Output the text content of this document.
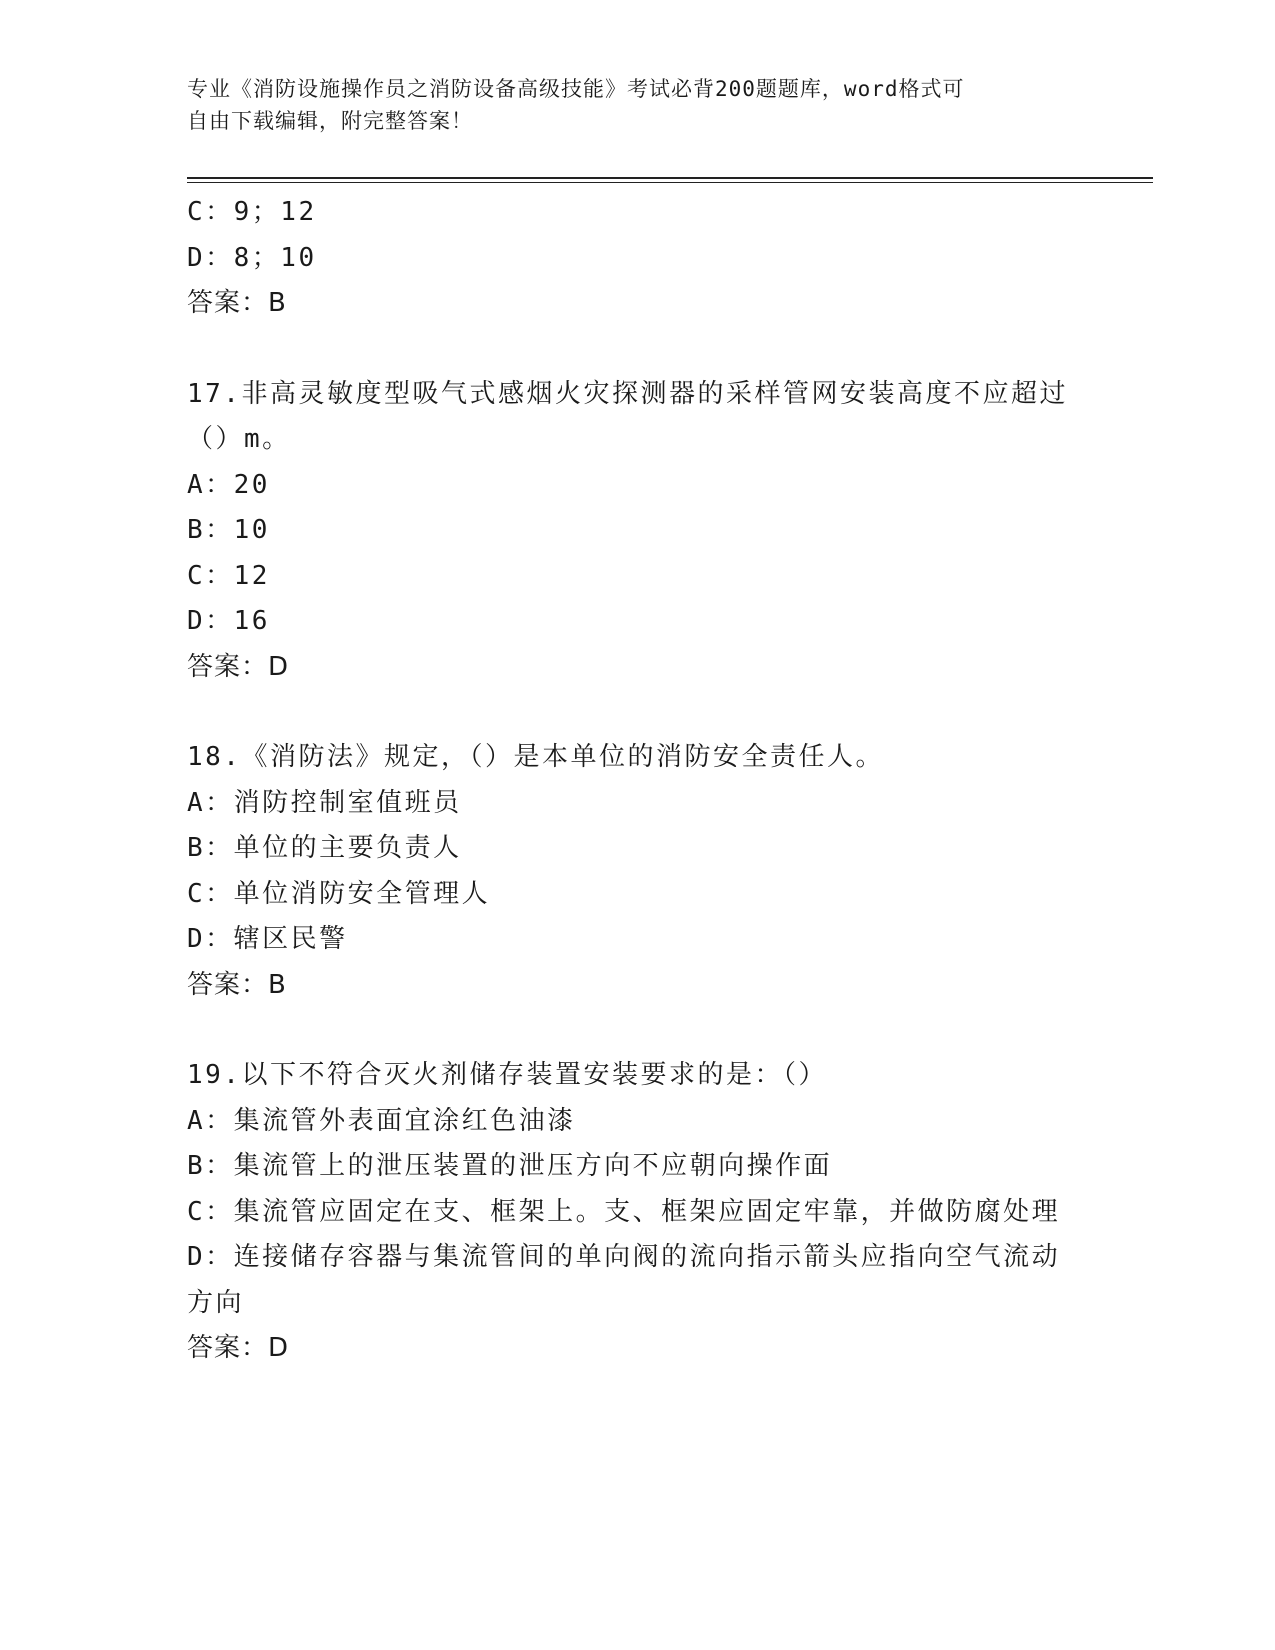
专业《消防设施操作员之消防设备高级技能》考试必背200题题库，word格式可
自由下载编辑，附完整答案！
C：9；12
D：8；10
答案：B
17.非高灵敏度型吸气式感烟火灾探测器的采样管网安装高度不应超过
（）m。
A：20
B：10
C：12
D：16
答案：D
18.《消防法》规定，（）是本单位的消防安全责任人。
A：消防控制室值班员
B：单位的主要负责人
C：单位消防安全管理人
D：辖区民警
答案：B
19.以下不符合灭火剂储存装置安装要求的是：（）
A：集流管外表面宜涂红色油漆
B：集流管上的泄压装置的泄压方向不应朝向操作面
C：集流管应固定在支、框架上。支、框架应固定牢靠，并做防腐处理
D：连接储存容器与集流管间的单向阀的流向指示箭头应指向空气流动
方向
答案：D
